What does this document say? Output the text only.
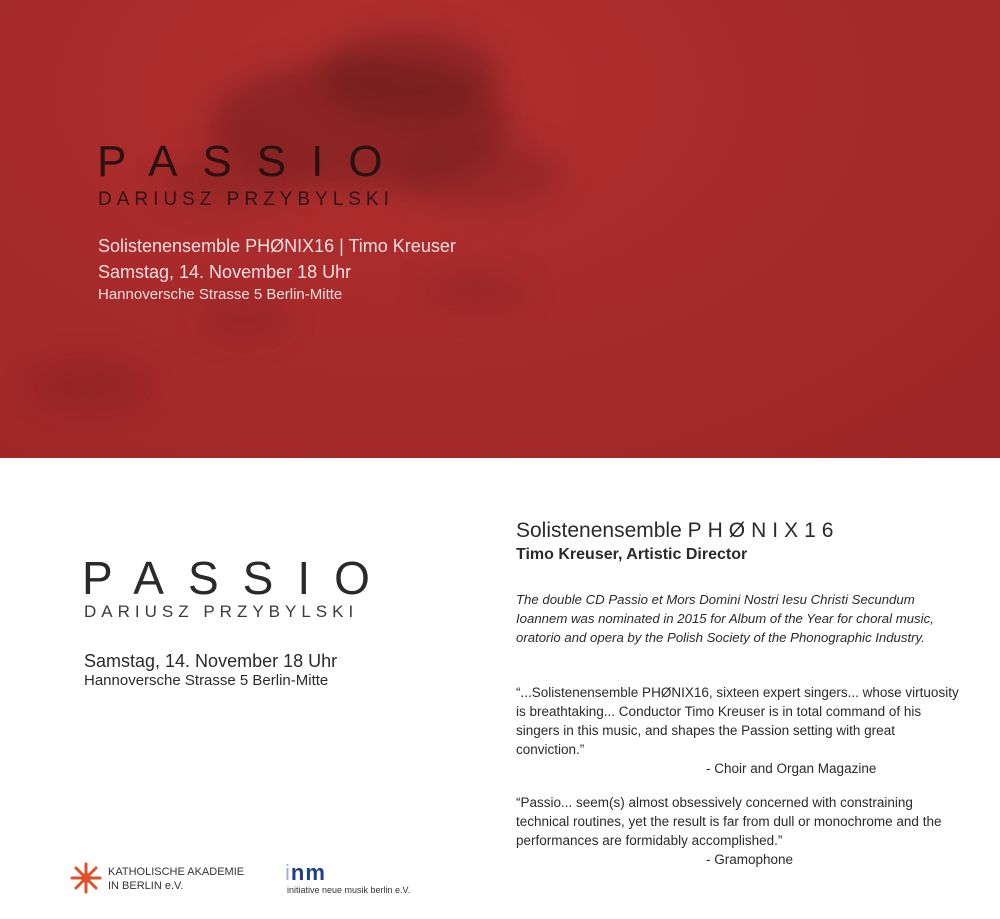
PASSIO
DARIUSZ PRZYBYLSKI
Solistenensemble PHØNIX16 | Timo Kreuser
Samstag, 14. November 18 Uhr
Hannoversche Strasse 5 Berlin-Mitte
PASSIO
DARIUSZ PRZYBYLSKI
Samstag, 14. November 18 Uhr
Hannoversche Strasse 5 Berlin-Mitte
KATHOLISCHE AKADEMIE
IN BERLIN e.V.
inm
initiative neue musik berlin e.V.
Solistenensemble PHØNIX16
Timo Kreuser, Artistic Director

The double CD Passio et Mors Domini Nostri Iesu Christi Secundum Ioannem was nominated in 2015 for Album of the Year for choral music, oratorio and opera by the Polish Society of the Phonographic Industry.

“...Solistenensemble PHØNIX16, sixteen expert singers... whose virtuosity is breathtaking... Conductor Timo Kreuser is in total command of his singers in this music, and shapes the Passion setting with great conviction.”
- Choir and Organ Magazine

“Passio... seem(s) almost obsessively concerned with constraining technical routines, yet the result is far from dull or monochrome and the performances are formidably accomplished.”
- Gramophone
